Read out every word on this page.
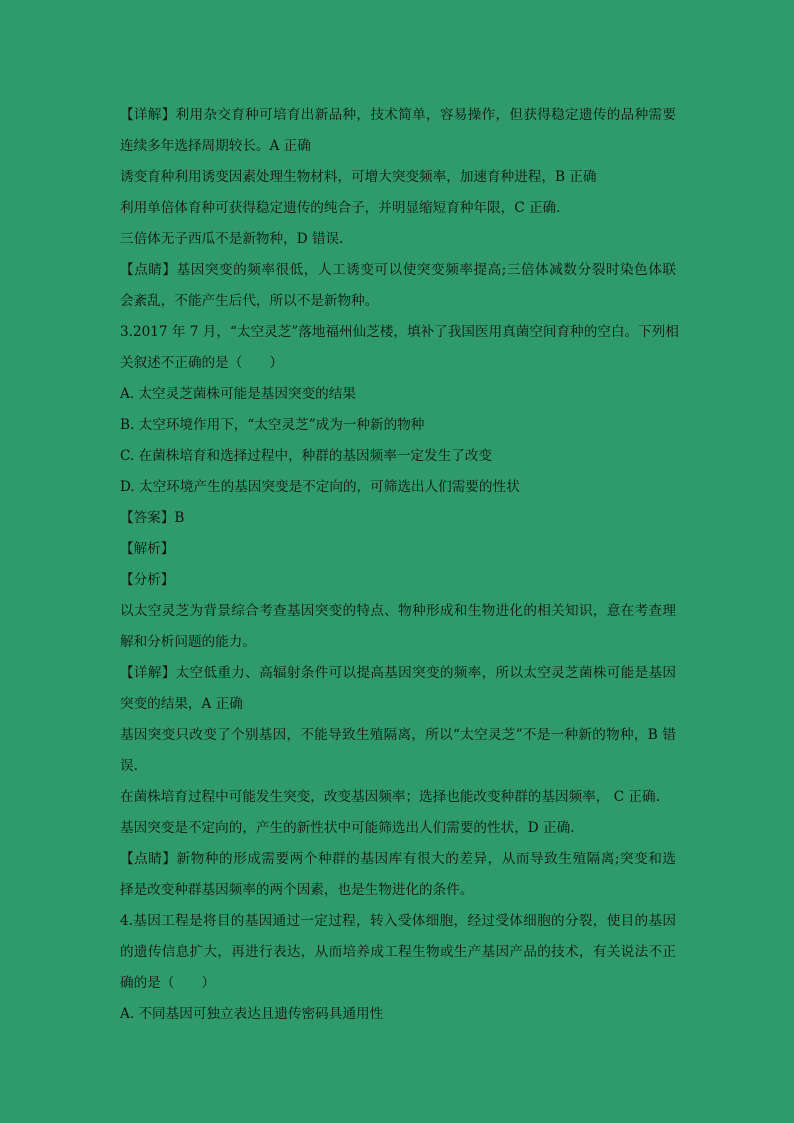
【详解】利用杂交育种可培育出新品种，技术简单，容易操作，但获得稳定遗传的品种需要
连续多年选择周期较长。A 正确
诱变育种利用诱变因素处理生物材料，可增大突变频率，加速育种进程，B 正确
利用单倍体育种可获得稳定遗传的纯合子，并明显缩短育种年限，C 正确.
三倍体无子西瓜不是新物种，D 错误.
【点睛】基因突变的频率很低，人工诱变可以使突变频率提高;三倍体减数分裂时染色体联
会紊乱，不能产生后代，所以不是新物种。
3.2017 年 7 月，“太空灵芝”落地福州仙芝楼，填补了我国医用真菌空间育种的空白。下列相
关叙述不正确的是（　　）
A. 太空灵芝菌株可能是基因突变的结果
B. 太空环境作用下，“太空灵芝”成为一种新的物种
C. 在菌株培育和选择过程中，种群的基因频率一定发生了改变
D. 太空环境产生的基因突变是不定向的，可筛选出人们需要的性状
【答案】B
【解析】
【分析】
以太空灵芝为背景综合考查基因突变的特点、物种形成和生物进化的相关知识，意在考查理
解和分析问题的能力。
【详解】太空低重力、高辐射条件可以提高基因突变的频率，所以太空灵芝菌株可能是基因
突变的结果，A 正确
基因突变只改变了个别基因，不能导致生殖隔离，所以“太空灵芝”不是一种新的物种，B 错
误.
在菌株培育过程中可能发生突变，改变基因频率；选择也能改变种群的基因频率， C 正确.
基因突变是不定向的，产生的新性状中可能筛选出人们需要的性状，D 正确.
【点睛】新物种的形成需要两个种群的基因库有很大的差异，从而导致生殖隔离;突变和选
择是改变种群基因频率的两个因素，也是生物进化的条件。
4.基因工程是将目的基因通过一定过程，转入受体细胞，经过受体细胞的分裂，使目的基因
的遗传信息扩大，再进行表达，从而培养成工程生物或生产基因产品的技术，有关说法不正
确的是（　　）
A. 不同基因可独立表达且遗传密码具通用性
